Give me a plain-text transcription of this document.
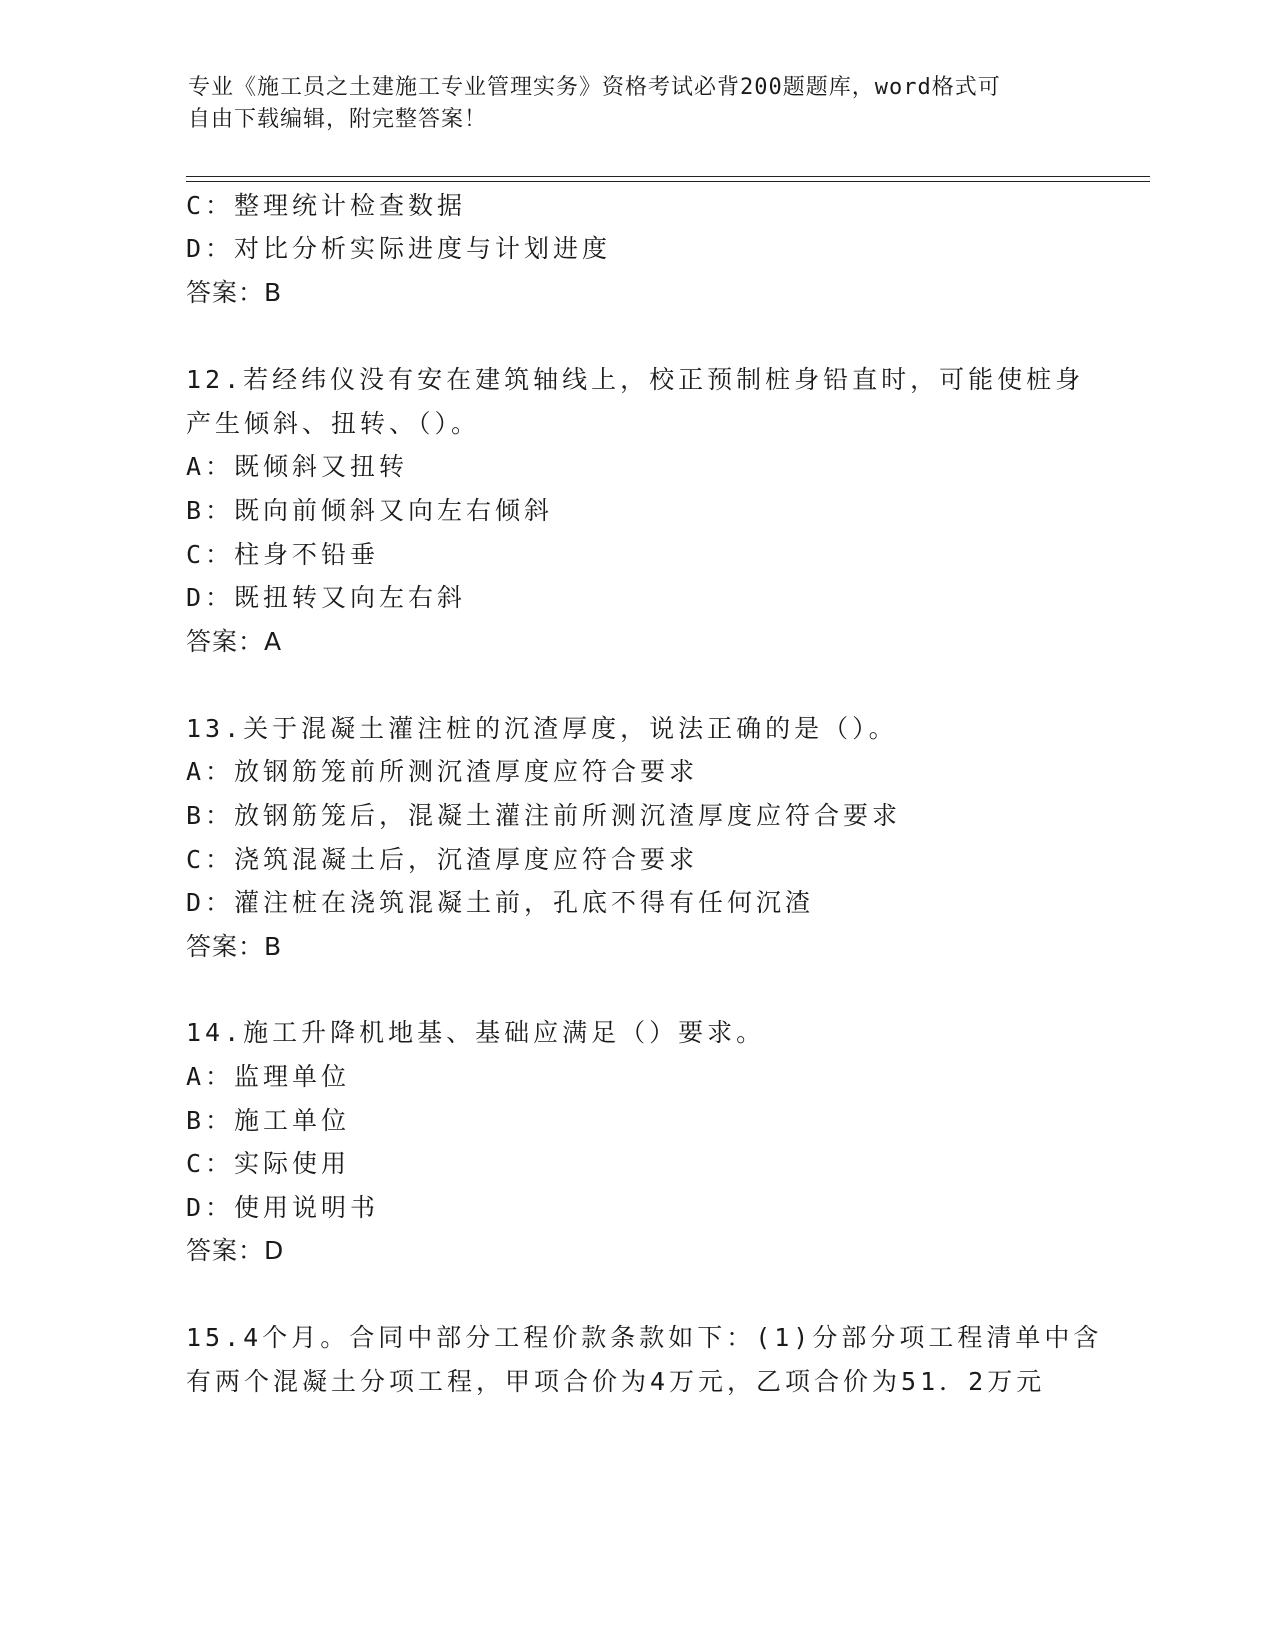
专业《施工员之土建施工专业管理实务》资格考试必背200题题库，word格式可
自由下载编辑，附完整答案！
C：整理统计检查数据
D：对比分析实际进度与计划进度
答案：B
12.若经纬仪没有安在建筑轴线上，校正预制桩身铅直时，可能使桩身
产生倾斜、扭转、（）。
A：既倾斜又扭转
B：既向前倾斜又向左右倾斜
C：柱身不铅垂
D：既扭转又向左右斜
答案：A
13.关于混凝土灌注桩的沉渣厚度，说法正确的是（）。
A：放钢筋笼前所测沉渣厚度应符合要求
B：放钢筋笼后，混凝土灌注前所测沉渣厚度应符合要求
C：浇筑混凝土后，沉渣厚度应符合要求
D：灌注桩在浇筑混凝土前，孔底不得有任何沉渣
答案：B
14.施工升降机地基、基础应满足（）要求。
A：监理单位
B：施工单位
C：实际使用
D：使用说明书
答案：D
15.4个月。合同中部分工程价款条款如下：(1)分部分项工程清单中含
有两个混凝土分项工程，甲项合价为4万元，乙项合价为51．2万元
